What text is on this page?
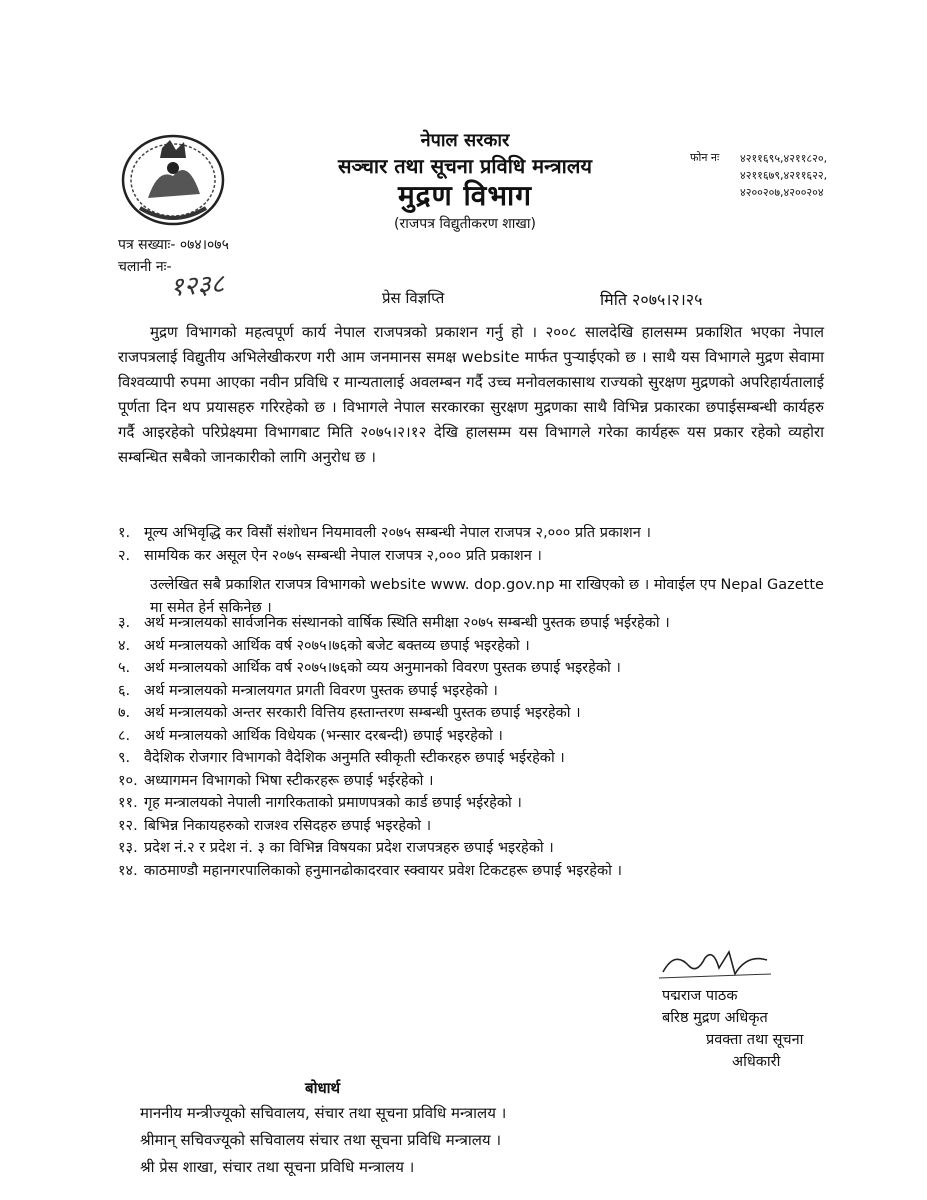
नेपाल सरकार
सञ्चार तथा सूचना प्रविधि मन्त्रालय
मुद्रण विभाग
(राजपत्र विद्युतीकरण शाखा)
फोन नः ४२११६९५,४२११८२०,
४२११६७९,४२११६२२,
४२००२०७,४२००२०४
पत्र सख्याः- ०७४।०७५
चलानी नः-
१२३८	प्रेस विज्ञप्ति	मिति २०७५।२।२५
मुद्रण विभागको महत्वपूर्ण कार्य नेपाल राजपत्रको प्रकाशन गर्नु हो । २००८ सालदेखि हालसम्म प्रकाशित भएका नेपाल राजपत्रलाई विद्युतीय अभिलेखीकरण गरी आम जनमानस समक्ष website मार्फत पुऱ्याईएको छ । साथै यस विभागले मुद्रण सेवामा विश्वव्यापी रुपमा आएका नवीन प्रविधि र मान्यतालाई अवलम्बन गर्दै उच्च मनोवलकासाथ राज्यको सुरक्षण मुद्रणको अपरिहार्यतालाई पूर्णता दिन थप प्रयासहरु गरिरहेको छ । विभागले नेपाल सरकारका सुरक्षण मुद्रणका साथै विभिन्न प्रकारका छपाईसम्बन्धी कार्यहरु गर्दै आइरहेको परिप्रेक्ष्यमा विभागबाट मिति २०७५।२।१२ देखि हालसम्म यस विभागले गरेका कार्यहरू यस प्रकार रहेको व्यहोरा सम्बन्धित सबैको जानकारीको लागि अनुरोध छ ।
१. मूल्य अभिवृद्धि कर विसौं संशोधन नियमावली २०७५ सम्बन्धी नेपाल राजपत्र २,००० प्रति प्रकाशन ।
२. सामयिक कर असूल ऐन २०७५ सम्बन्धी नेपाल राजपत्र २,००० प्रति प्रकाशन ।

३. अर्थ मन्त्रालयको सार्वजनिक संस्थानको वार्षिक स्थिति समीक्षा २०७५ सम्बन्धी पुस्तक छपाई भईरहेको ।
४. अर्थ मन्त्रालयको आर्थिक वर्ष २०७५।७६को बजेट बक्तव्य छपाई भइरहेको ।
५. अर्थ मन्त्रालयको आर्थिक वर्ष २०७५।७६को व्यय अनुमानको विवरण पुस्तक छपाई भइरहेको ।
६. अर्थ मन्त्रालयको मन्त्रालयगत प्रगती विवरण पुस्तक छपाई भइरहेको ।
७. अर्थ मन्त्रालयको अन्तर सरकारी वित्तिय हस्तान्तरण सम्बन्धी पुस्तक छपाई भइरहेको ।
८. अर्थ मन्त्रालयको आर्थिक विधेयक (भन्सार दरबन्दी) छपाई भइरहेको ।
९. वैदेशिक रोजगार विभागको वैदेशिक अनुमति स्वीकृती स्टीकरहरु छपाई भईरहेको ।
१०. अध्यागमन विभागको भिषा स्टीकरहरू छपाई भईरहेको ।
११. गृह मन्त्रालयको नेपाली नागरिकताको प्रमाणपत्रको कार्ड छपाई भईरहेको ।
१२. बिभिन्न निकायहरुको राजश्व रसिदहरु छपाई भइरहेको ।
१३. प्रदेश नं.२ र प्रदेश नं. ३ का विभिन्न विषयका प्रदेश राजपत्रहरु छपाई भइरहेको ।
१४. काठमाण्डौ महानगरपालिकाको हनुमानढोकादरवार स्क्वायर प्रवेश टिकटहरू छपाई भइरहेको ।
उल्लेखित सबै प्रकाशित राजपत्र विभागको website www. dop.gov.np मा राखिएको छ । मोवाईल एप Nepal Gazette मा समेत हेर्न सकिनेछ ।
पद्मराज पाठक
बरिष्ठ मुद्रण अधिकृत
प्रवक्ता तथा सूचना
अधिकारी
बोधार्थ
माननीय मन्त्रीज्यूको सचिवालय, संचार तथा सूचना प्रविधि मन्त्रालय ।
श्रीमान् सचिवज्यूको सचिवालय संचार तथा सूचना प्रविधि मन्त्रालय ।
श्री प्रेस शाखा, संचार तथा सूचना प्रविधि मन्त्रालय ।
